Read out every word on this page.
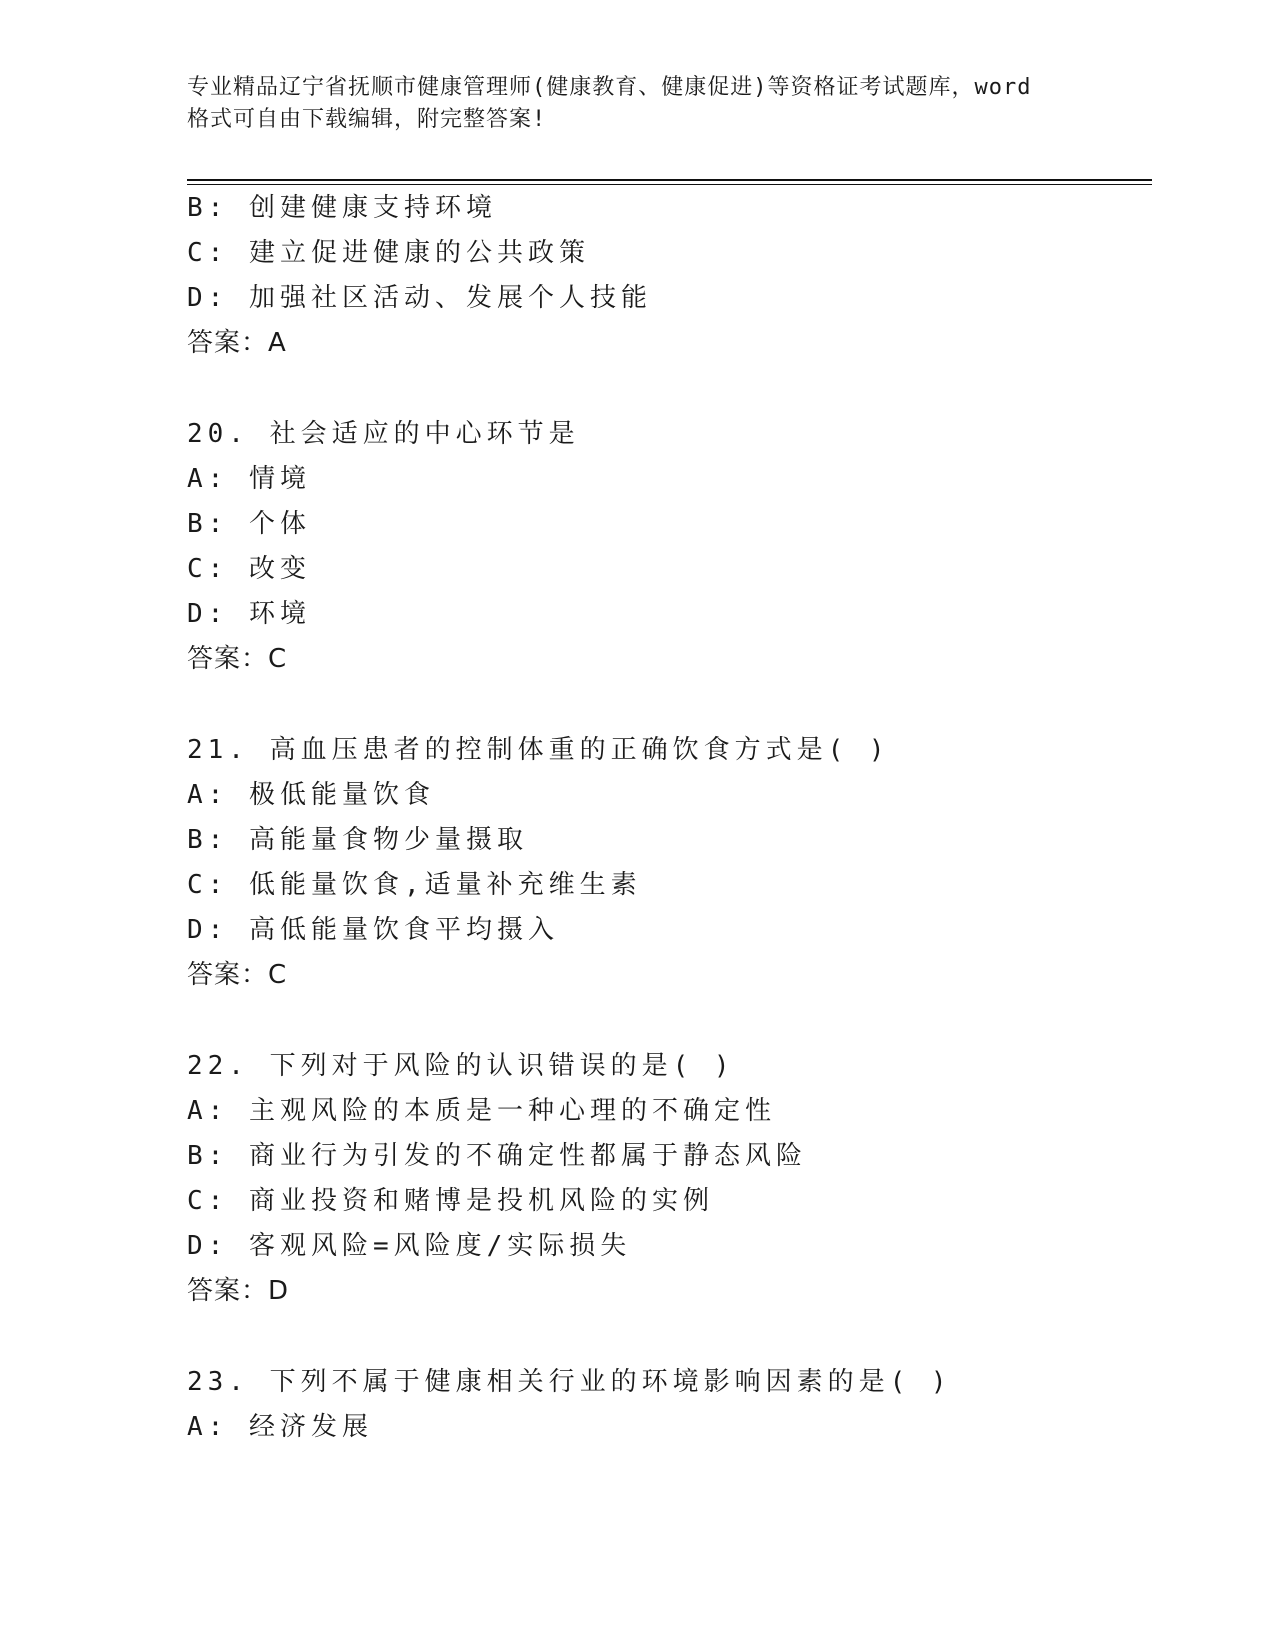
专业精品辽宁省抚顺市健康管理师(健康教育、健康促进)等资格证考试题库，word
格式可自由下载编辑，附完整答案!
B: 创建健康支持环境
C: 建立促进健康的公共政策
D: 加强社区活动、发展个人技能
答案：A
20. 社会适应的中心环节是
A: 情境
B: 个体
C: 改变
D: 环境
答案：C
21. 高血压患者的控制体重的正确饮食方式是( )
A: 极低能量饮食
B: 高能量食物少量摄取
C: 低能量饮食,适量补充维生素
D: 高低能量饮食平均摄入
答案：C
22. 下列对于风险的认识错误的是( )
A: 主观风险的本质是一种心理的不确定性
B: 商业行为引发的不确定性都属于静态风险
C: 商业投资和赌博是投机风险的实例
D: 客观风险=风险度/实际损失
答案：D
23. 下列不属于健康相关行业的环境影响因素的是( )
A: 经济发展
